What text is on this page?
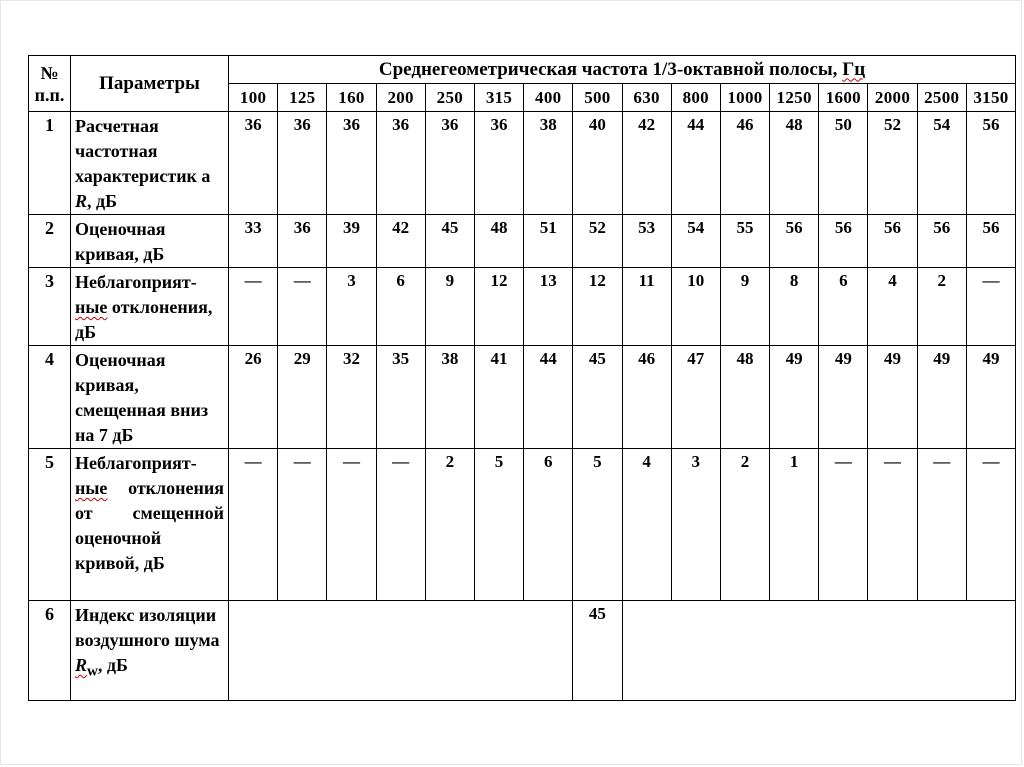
№ п.п.	Параметры	Среднегеометрическая частота 1/3-октавной полосы, Гц															
		100	125	160	200	250	315	400	500	630	800	1000	1250	1600	2000	2500	3150
1	Расчетная частотная характеристик а R, дБ	36	36	36	36	36	36	38	40	42	44	46	48	50	52	54	56
2	Оценочная кривая, дБ	33	36	39	42	45	48	51	52	53	54	55	56	56	56	56	56
3	Неблагоприят- ные отклонения, дБ	—	—	3	6	9	12	13	12	11	10	9	8	6	4	2	—
4	Оценочная кривая, смещенная вниз на 7 дБ	26	29	32	35	38	41	44	45	46	47	48	49	49	49	49	49
5	Неблагоприят- ные отклонения от смещенной оценочной кривой, дБ	—	—	—	—	2	5	6	5	4	3	2	1	—	—	—	—
6	Индекс изоляции воздушного шума $R_w$, дБ								45								
